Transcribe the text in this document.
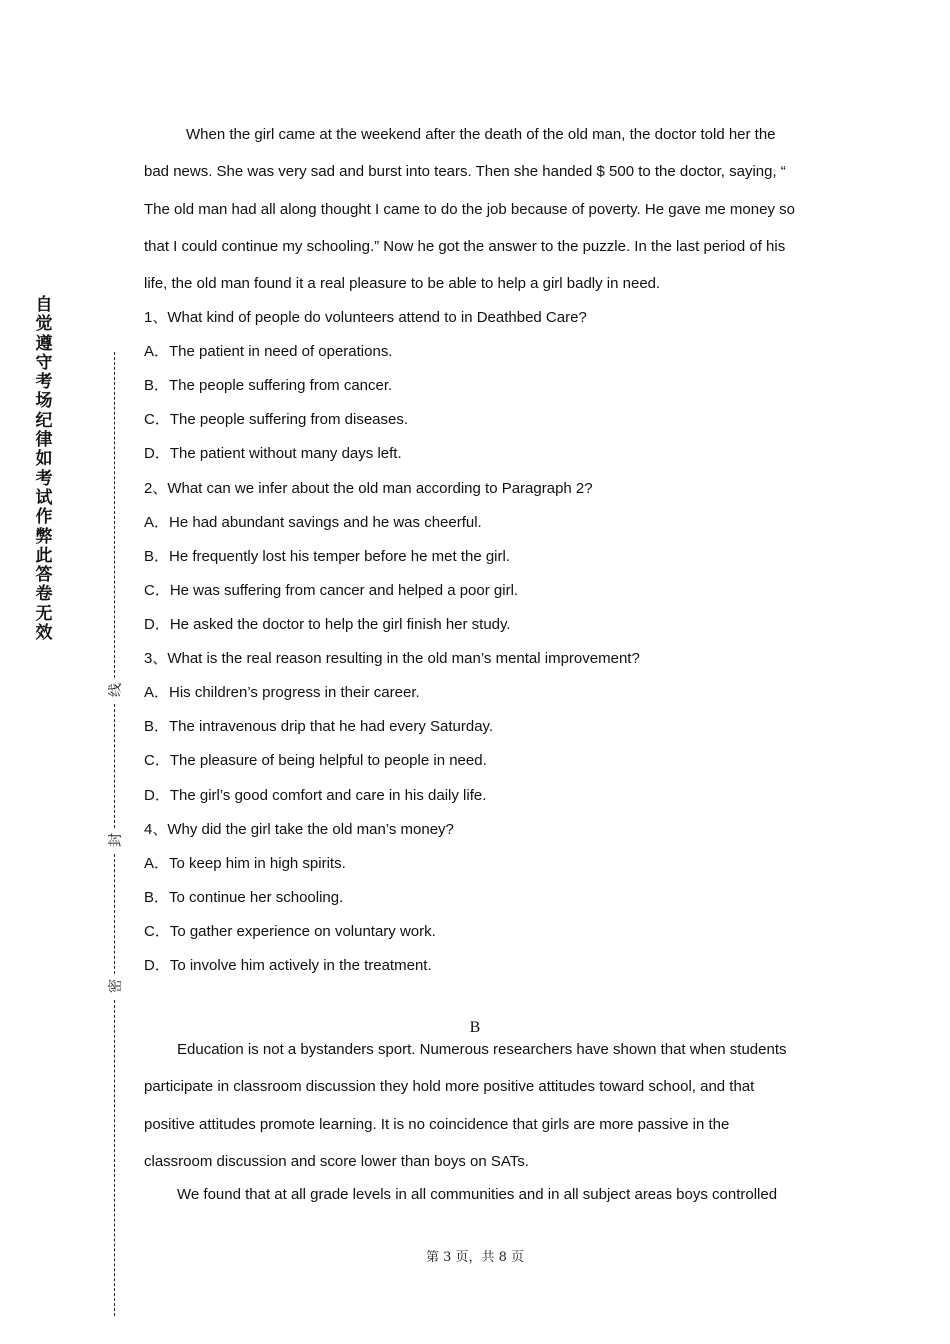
自觉遵守考场纪律如考试作弊此答卷无效
线
封
密
When the girl came at the weekend after the death of the old man, the doctor told her the
bad news. She was very sad and burst into tears. Then she handed $ 500 to the doctor, saying, “
The old man had all along thought I came to do the job because of poverty. He gave me money so
that I could continue my schooling.” Now he got the answer to the puzzle. In the last period of his
life, the old man found it a real pleasure to be able to help a girl badly in need.
1、What kind of people do volunteers attend to in Deathbed Care?
A．The patient in need of operations.
B．The people suffering from cancer.
C．The people suffering from diseases.
D．The patient without many days left.
2、What can we infer about the old man according to Paragraph 2?
A．He had abundant savings and he was cheerful.
B．He frequently lost his temper before he met the girl.
C．He was suffering from cancer and helped a poor girl.
D．He asked the doctor to help the girl finish her study.
3、What is the real reason resulting in the old man’s mental improvement?
A．His children’s progress in their career.
B．The intravenous drip that he had every Saturday.
C．The pleasure of being helpful to people in need.
D．The girl’s good comfort and care in his daily life.
4、Why did the girl take the old man’s money?
A．To keep him in high spirits.
B．To continue her schooling.
C．To gather experience on voluntary work.
D．To involve him actively in the treatment.
Education is not a bystanders sport. Numerous researchers have shown that when students
participate in classroom discussion they hold more positive attitudes toward school, and that
positive attitudes promote learning. It is no coincidence that girls are more passive in the
classroom discussion and score lower than boys on SATs.
We found that at all grade levels in all communities and in all subject areas boys controlled
B
第 3 页，共 8 页
